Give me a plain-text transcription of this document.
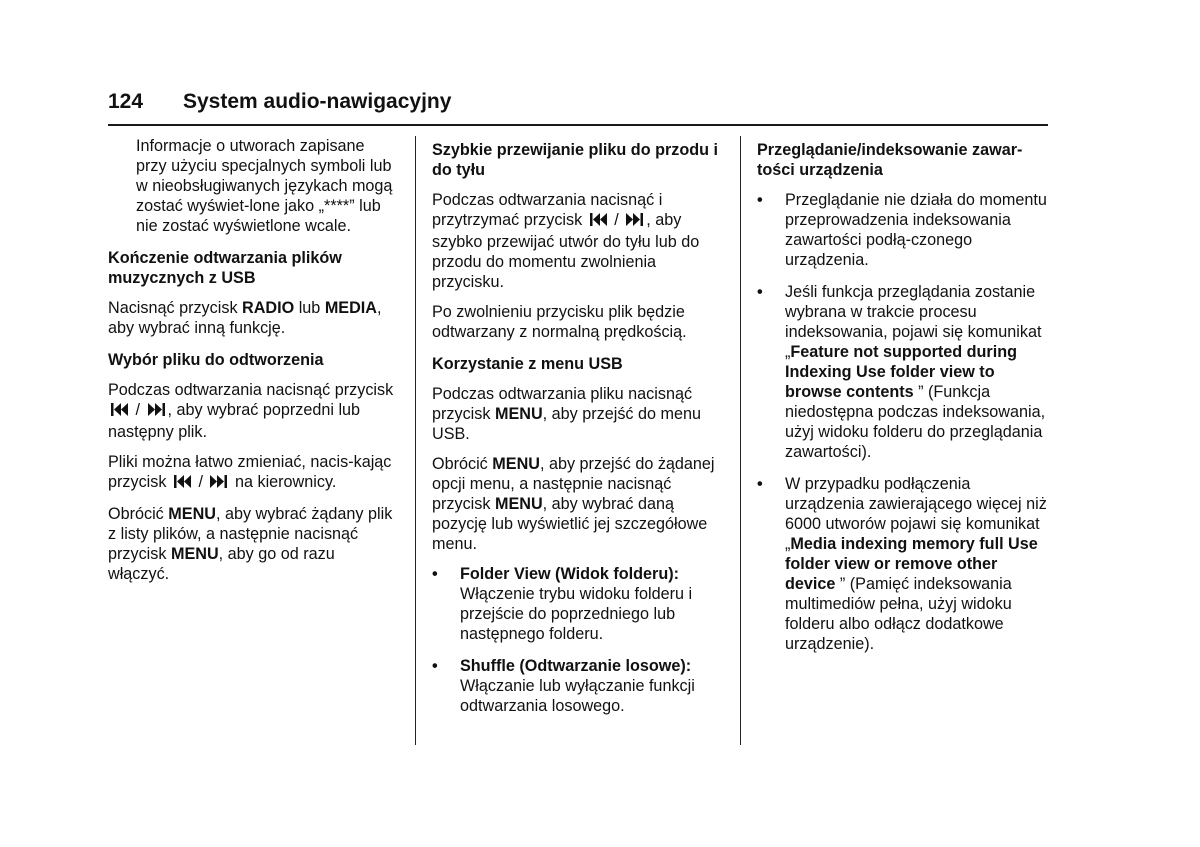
124 System audio-nawigacyjny

Informacje o utworach zapisane przy użyciu specjalnych symboli lub w nieobsługiwanych językach mogą zostać wyświet-lone jako „****” lub nie zostać wyświetlone wcale.

Kończenie odtwarzania plików muzycznych z USB

Nacisnąć przycisk RADIO lub MEDIA, aby wybrać inną funkcję.

Wybór pliku do odtworzenia

Podczas odtwarzania nacisnąć przycisk  / , aby wybrać poprzedni lub następny plik.

Pliki można łatwo zmieniać, nacis-kając przycisk / na kierownicy.

Obrócić MENU, aby wybrać żądany plik z listy plików, a następnie nacisnąć przycisk MENU, aby go od razu włączyć.

Szybkie przewijanie pliku do przodu i do tyłu

Podczas odtwarzania nacisnąć i przytrzymać przycisk / , aby szybko przewijać utwór do tyłu lub do przodu do momentu zwolnienia przycisku.

Po zwolnieniu przycisku plik będzie odtwarzany z normalną prędkością.

Korzystanie z menu USB

Podczas odtwarzania pliku nacisnąć przycisk MENU, aby przejść do menu USB.

Obrócić MENU, aby przejść do żądanej opcji menu, a następnie nacisnąć przycisk MENU, aby wybrać daną pozycję lub wyświetlić jej szczegółowe menu.

• Folder View (Widok folderu):
Włączenie trybu widoku folderu i przejście do poprzedniego lub następnego folderu.
• Shuffle (Odtwarzanie losowe):
Włączanie lub wyłączanie funkcji odtwarzania losowego.
Przeglądanie/indeksowanie zawar-tości urządzenia
• Przeglądanie nie działa do momentu przeprowadzenia indeksowania zawartości podłą-czonego urządzenia.
• Jeśli funkcja przeglądania zostanie wybrana w trakcie procesu indeksowania, pojawi się komunikat „Feature not supported during Indexing Use folder view to browse contents ” (Funkcja niedostępna podczas indeksowania, użyj widoku folderu do przeglądania zawartości).
• W przypadku podłączenia urządzenia zawierającego więcej niż 6000 utworów pojawi się komunikat „Media indexing memory full Use folder view or remove other device ” (Pamięć indeksowania multimediów pełna, użyj widoku folderu albo odłącz dodatkowe urządzenie).
